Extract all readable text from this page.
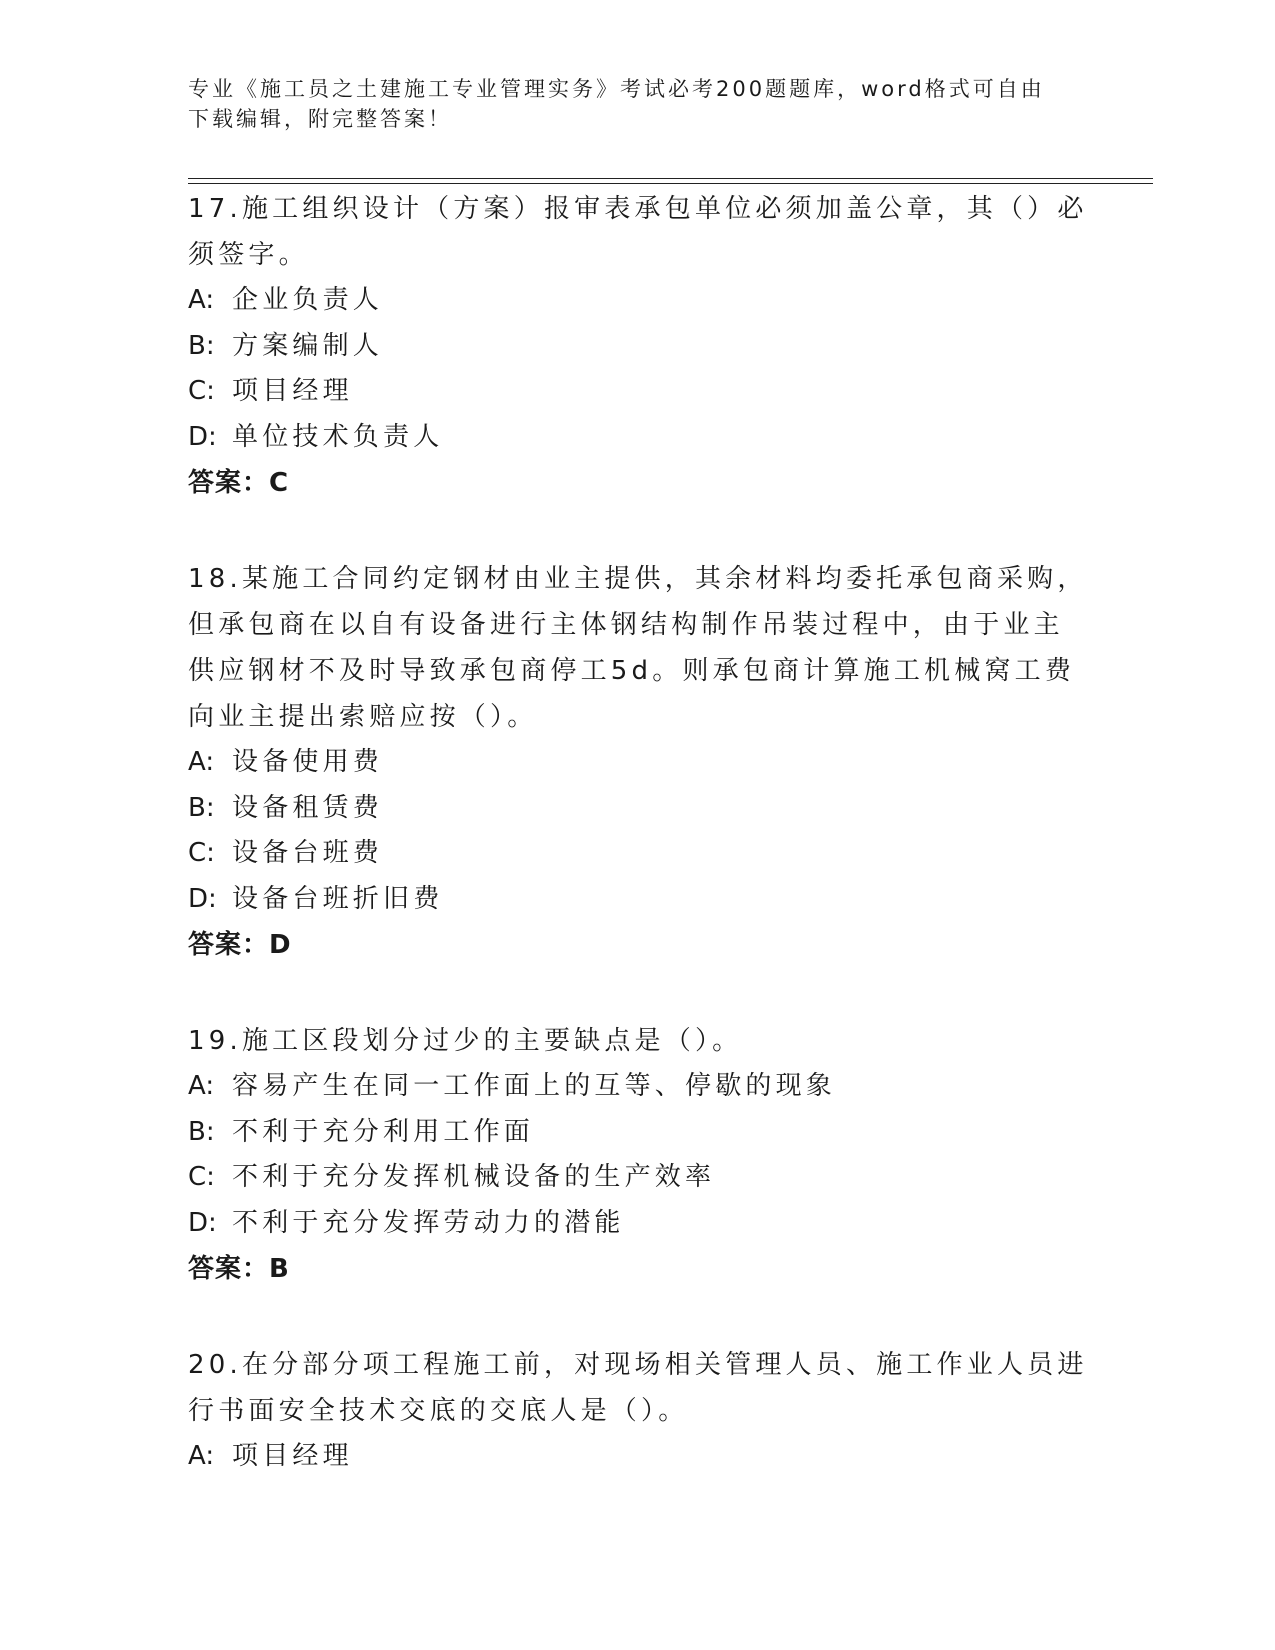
专业《施工员之土建施工专业管理实务》考试必考200题题库，word格式可自由下载编辑，附完整答案！

17.施工组织设计（方案）报审表承包单位必须加盖公章，其（）必须签字。

A: 企业负责人

B: 方案编制人

C: 项目经理

D: 单位技术负责人

答案：C

18.某施工合同约定钢材由业主提供，其余材料均委托承包商采购，但承包商在以自有设备进行主体钢结构制作吊装过程中，由于业主供应钢材不及时导致承包商停工5d。则承包商计算施工机械窝工费向业主提出索赔应按（）。

A: 设备使用费

B: 设备租赁费

C: 设备台班费

D: 设备台班折旧费

答案：D

19.施工区段划分过少的主要缺点是（）。

A: 容易产生在同一工作面上的互等、停歇的现象

B: 不利于充分利用工作面

C: 不利于充分发挥机械设备的生产效率

D: 不利于充分发挥劳动力的潜能

答案：B

20.在分部分项工程施工前，对现场相关管理人员、施工作业人员进行书面安全技术交底的交底人是（）。

A: 项目经理
